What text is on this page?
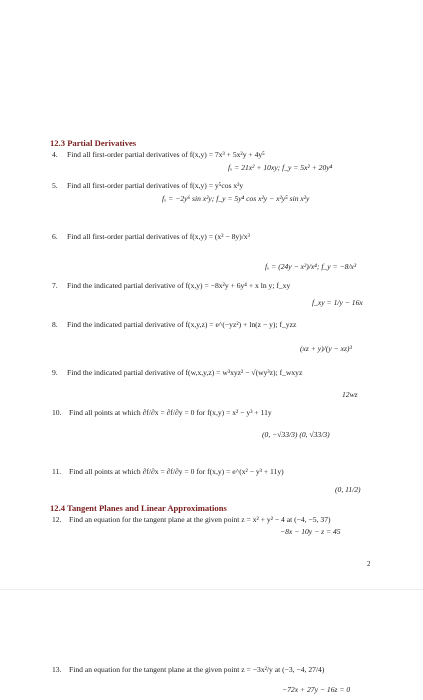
12.3 Partial Derivatives
4. Find all first-order partial derivatives of f(x,y) = 7x³ + 5x²y + 4y⁵
fₓ = 21x² + 10xy; f_y = 5x² + 20y⁴
5. Find all first-order partial derivatives of f(x,y) = y⁵cos x²y
fₓ = −2y⁶ sin x²y; f_y = 5y⁴ cos x²y − x²y⁵ sin x²y
6. Find all first-order partial derivatives of f(x,y) = (x² − 8y)/x³
fₓ = (24y − x²)/x⁴; f_y = −8/x³
7. Find the indicated partial derivative of f(x,y) = −8x²y + 6y⁴ + x ln y; f_xy
f_xy = 1/y − 16x
8. Find the indicated partial derivative of f(x,y,z) = e^(−yz²) + ln(z − y); f_yzz
(xz + y)/(y − xz)³
9. Find the indicated partial derivative of f(w,x,y,z) = w³xyz² − √(wy³z); f_wxyz
12wz
10. Find all points at which ∂f/∂x = ∂f/∂y = 0 for f(x,y) = x² − y³ + 11y
(0, −√33/3) (0, √33/3)
11. Find all points at which ∂f/∂x = ∂f/∂y = 0 for f(x,y) = e^(x² − y³ + 11y)
(0, 11/2)
12.4 Tangent Planes and Linear Approximations
12. Find an equation for the tangent plane at the given point z = x² + y² − 4 at (−4, −5, 37)
−8x − 10y − z = 45
2
13. Find an equation for the tangent plane at the given point z = −3x²/y at (−3, −4, 27/4)
−72x + 27y − 16z = 0
